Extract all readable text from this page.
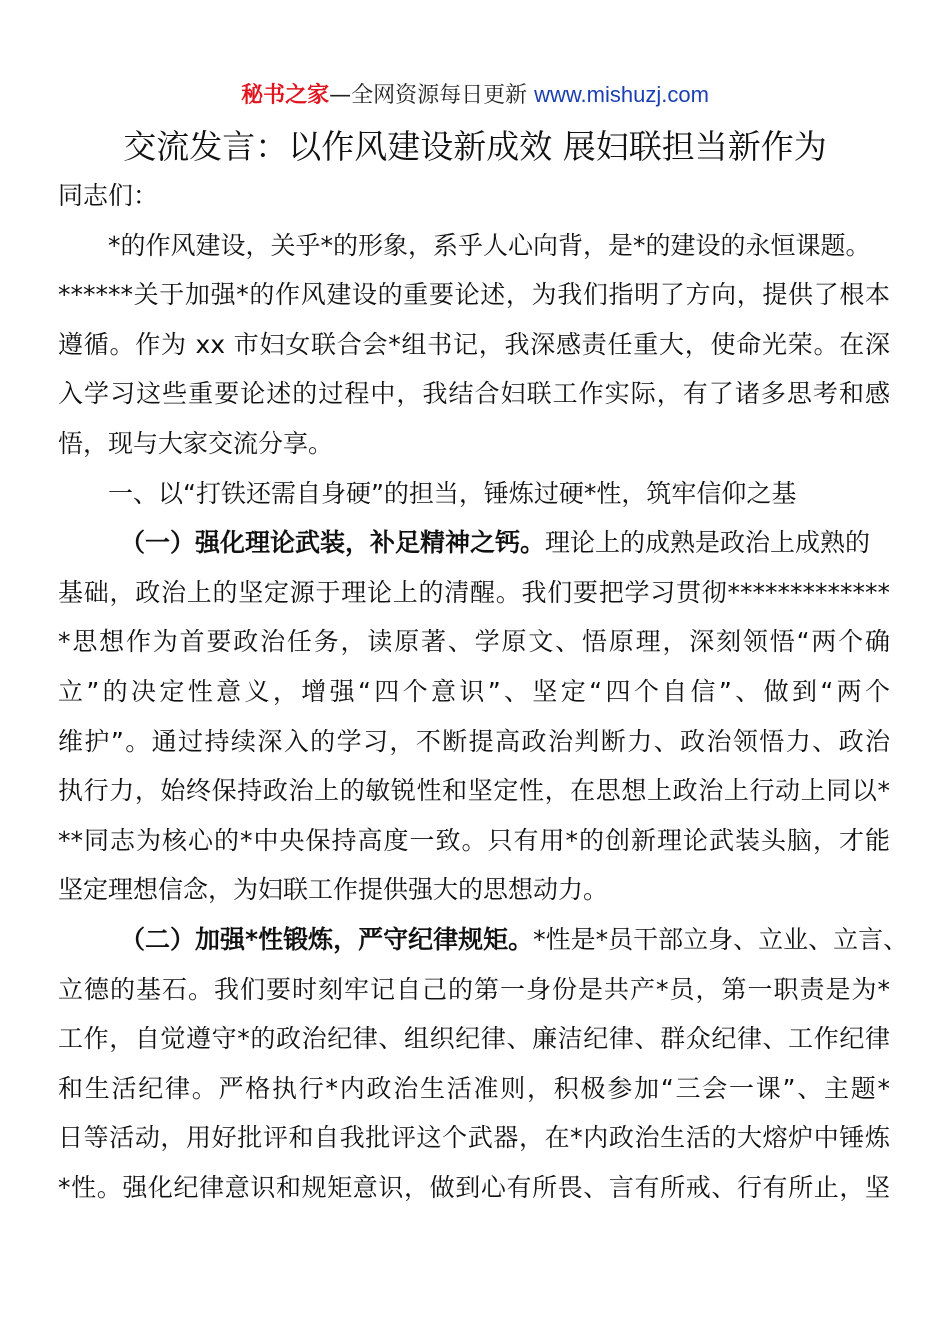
秘书之家—全网资源每日更新 www.mishuzj.com
交流发言：以作风建设新成效 展妇联担当新作为
同志们：
*的作风建设，关乎*的形象，系乎人心向背，是*的建设的永恒课题。
******关于加强*的作风建设的重要论述，为我们指明了方向，提供了根本
遵循。作为 xx 市妇女联合会*组书记，我深感责任重大，使命光荣。在深
入学习这些重要论述的过程中，我结合妇联工作实际，有了诸多思考和感
悟，现与大家交流分享。
一、以“打铁还需自身硬”的担当，锤炼过硬*性，筑牢信仰之基
（一）强化理论武装，补足精神之钙。理论上的成熟是政治上成熟的
基础，政治上的坚定源于理论上的清醒。我们要把学习贯彻*************
*思想作为首要政治任务，读原著、学原文、悟原理，深刻领悟“两个确
立”的决定性意义，增强“四个意识”、坚定“四个自信”、做到“两个
维护”。通过持续深入的学习，不断提高政治判断力、政治领悟力、政治
执行力，始终保持政治上的敏锐性和坚定性，在思想上政治上行动上同以*
**同志为核心的*中央保持高度一致。只有用*的创新理论武装头脑，才能
坚定理想信念，为妇联工作提供强大的思想动力。
（二）加强*性锻炼，严守纪律规矩。*性是*员干部立身、立业、立言、
立德的基石。我们要时刻牢记自己的第一身份是共产*员，第一职责是为*
工作，自觉遵守*的政治纪律、组织纪律、廉洁纪律、群众纪律、工作纪律
和生活纪律。严格执行*内政治生活准则，积极参加“三会一课”、主题*
日等活动，用好批评和自我批评这个武器，在*内政治生活的大熔炉中锤炼
*性。强化纪律意识和规矩意识，做到心有所畏、言有所戒、行有所止，坚
